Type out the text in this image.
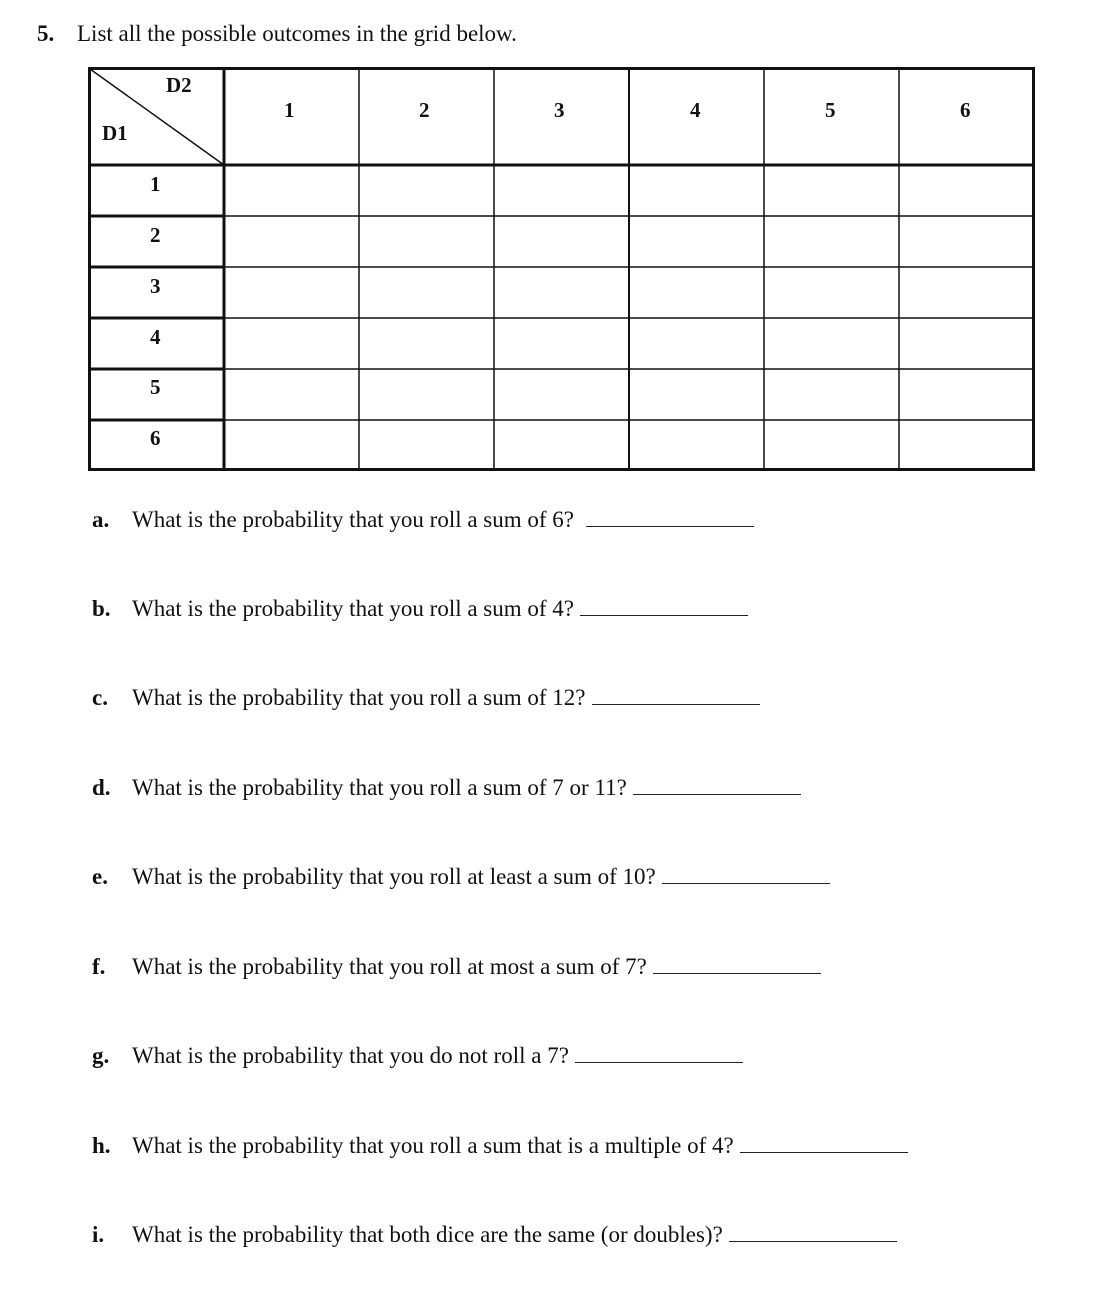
5. List all the possible outcomes in the grid below.
D2
D1
1	2	3	4	5	6
1
2
3
4
5
6
a. What is the probability that you roll a sum of 6?
b. What is the probability that you roll a sum of 4?
c. What is the probability that you roll a sum of 12?
d. What is the probability that you roll a sum of 7 or 11?
e. What is the probability that you roll at least a sum of 10?
f. What is the probability that you roll at most a sum of 7?
g. What is the probability that you do not roll a 7?
h. What is the probability that you roll a sum that is a multiple of 4?
i. What is the probability that both dice are the same (or doubles)?
